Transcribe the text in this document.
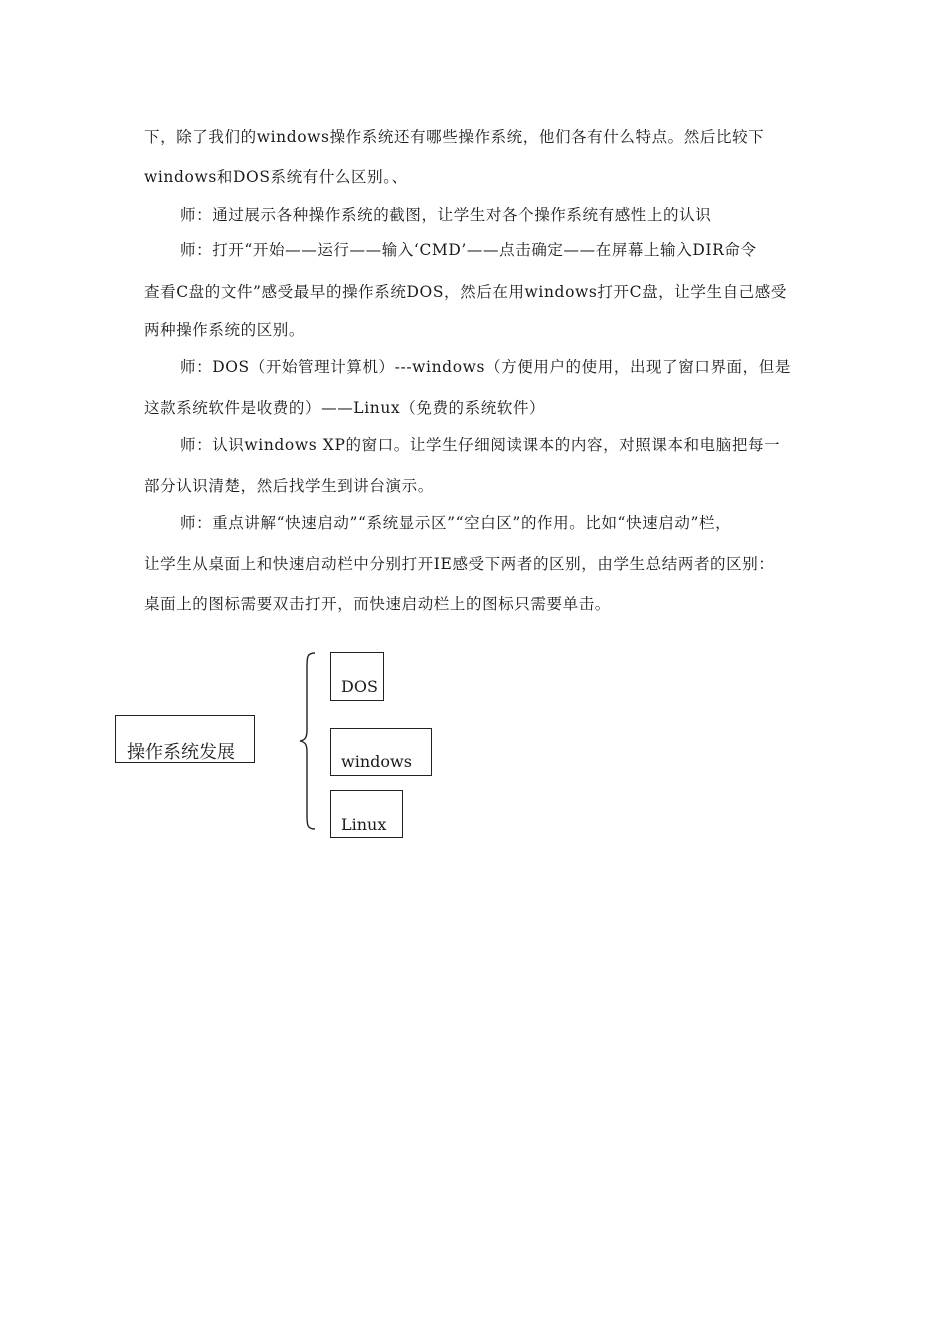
下，除了我们的windows操作系统还有哪些操作系统，他们各有什么特点。然后比较下
windows和DOS系统有什么区别。、
师：通过展示各种操作系统的截图，让学生对各个操作系统有感性上的认识
师：打开“开始——运行——输入‘CMD’——点击确定——在屏幕上输入DIR命令
查看C盘的文件”感受最早的操作系统DOS，然后在用windows打开C盘，让学生自己感受
两种操作系统的区别。
师：DOS（开始管理计算机）---windows（方便用户的使用，出现了窗口界面，但是
这款系统软件是收费的）——Linux（免费的系统软件）
师：认识windows XP的窗口。让学生仔细阅读课本的内容，对照课本和电脑把每一
部分认识清楚，然后找学生到讲台演示。
师：重点讲解“快速启动”“系统显示区”“空白区”的作用。比如“快速启动”栏，
让学生从桌面上和快速启动栏中分别打开IE感受下两者的区别，由学生总结两者的区别：
桌面上的图标需要双击打开，而快速启动栏上的图标只需要单击。
操作系统发展
DOS
windows
Linux
